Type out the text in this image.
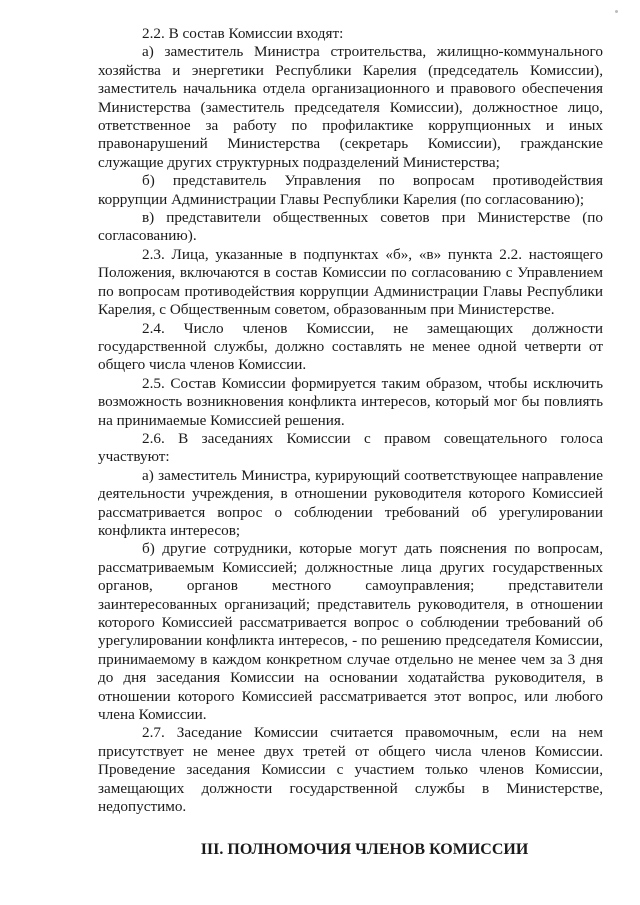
2.2. В состав Комиссии входят:

а) заместитель Министра строительства, жилищно-коммунального хозяйства и энергетики Республики Карелия (председатель Комиссии), заместитель начальника отдела организационного и правового обеспечения Министерства (заместитель председателя Комиссии), должностное лицо, ответственное за работу по профилактике коррупционных и иных правонарушений Министерства (секретарь Комиссии), гражданские служащие других структурных подразделений Министерства;

б) представитель Управления по вопросам противодействия коррупции Администрации Главы Республики Карелия (по согласованию);

в) представители общественных советов при Министерстве (по согласованию).

2.3. Лица, указанные в подпунктах «б», «в» пункта 2.2. настоящего Положения, включаются в состав Комиссии по согласованию с Управлением по вопросам противодействия коррупции Администрации Главы Республики Карелия, с Общественным советом, образованным при Министерстве.

2.4. Число членов Комиссии, не замещающих должности государственной службы, должно составлять не менее одной четверти от общего числа членов Комиссии.

2.5. Состав Комиссии формируется таким образом, чтобы исключить возможность возникновения конфликта интересов, который мог бы повлиять на принимаемые Комиссией решения.

2.6. В заседаниях Комиссии с правом совещательного голоса участвуют:

а) заместитель Министра, курирующий соответствующее направление деятельности учреждения, в отношении руководителя которого Комиссией рассматривается вопрос о соблюдении требований об урегулировании конфликта интересов;

б) другие сотрудники, которые могут дать пояснения по вопросам, рассматриваемым Комиссией; должностные лица других государственных органов, органов местного самоуправления; представители заинтересованных организаций; представитель руководителя, в отношении которого Комиссией рассматривается вопрос о соблюдении требований об урегулировании конфликта интересов, - по решению председателя Комиссии, принимаемому в каждом конкретном случае отдельно не менее чем за 3 дня до дня заседания Комиссии на основании ходатайства руководителя, в отношении которого Комиссией рассматривается этот вопрос, или любого члена Комиссии.

2.7. Заседание Комиссии считается правомочным, если на нем присутствует не менее двух третей от общего числа членов Комиссии. Проведение заседания Комиссии с участием только членов Комиссии, замещающих должности государственной службы в Министерстве, недопустимо.

III. ПОЛНОМОЧИЯ ЧЛЕНОВ КОМИССИИ
